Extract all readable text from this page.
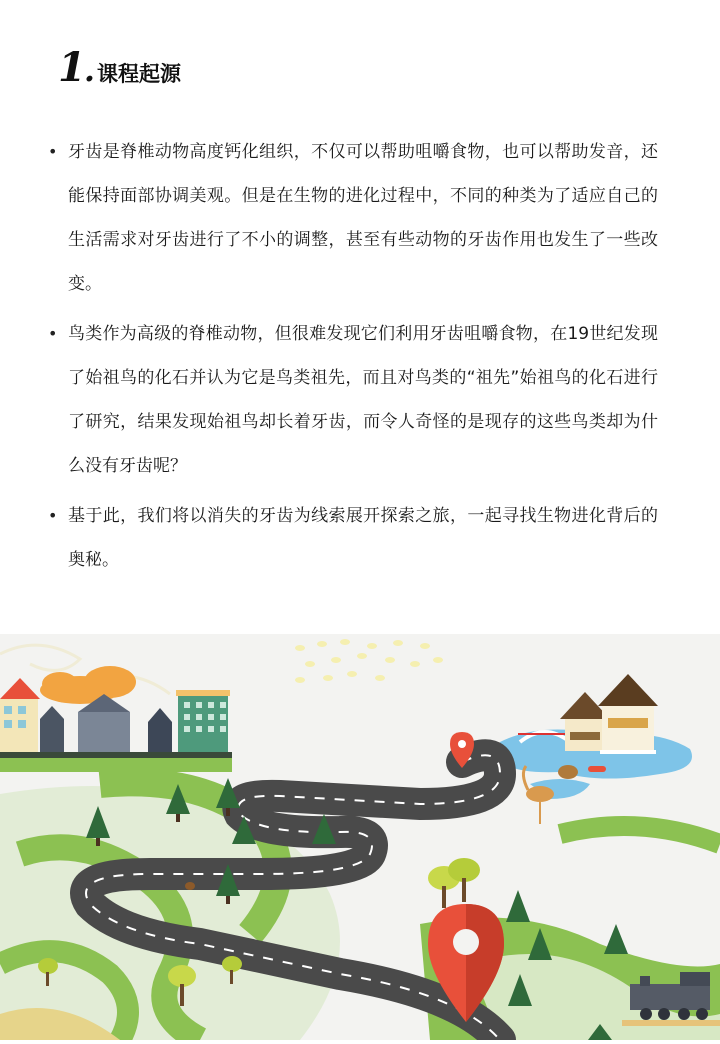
1 . 课程起源
• 牙齿是脊椎动物高度钙化组织，不仅可以帮助咀嚼食物，也可以帮助发音，还能保持面部协调美观。但是在生物的进化过程中，不同的种类为了适应自己的生活需求对牙齿进行了不小的调整，甚至有些动物的牙齿作用也发生了一些改变。
• 鸟类作为高级的脊椎动物，但很难发现它们利用牙齿咀嚼食物，在19世纪发现了始祖鸟的化石并认为它是鸟类祖先，而且对鸟类的“祖先”始祖鸟的化石进行了研究，结果发现始祖鸟却长着牙齿，而令人奇怪的是现存的这些鸟类却为什么没有牙齿呢？
• 基于此，我们将以消失的牙齿为线索展开探索之旅，一起寻找生物进化背后的奥秘。
